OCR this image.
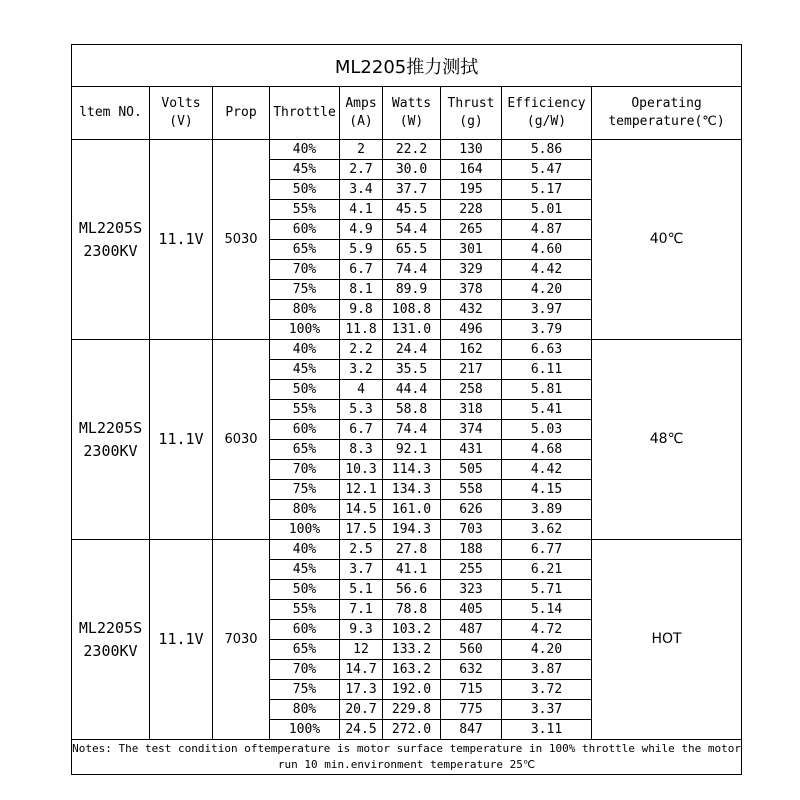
ML2205推力测拭								
ltem NO.	Volts (V)	Prop	Throttle	Amps (A)	Watts (W)	Thrust (g)	Efficiency (g/W)	Operating temperature(℃)
ML2205S 2300KV	11.1V	5030	40%	2	22.2	130	5.86	40℃
			45%	2.7	30.0	164	5.47	
			50%	3.4	37.7	195	5.17	
			55%	4.1	45.5	228	5.01	
			60%	4.9	54.4	265	4.87	
			65%	5.9	65.5	301	4.60	
			70%	6.7	74.4	329	4.42	
			75%	8.1	89.9	378	4.20	
			80%	9.8	108.8	432	3.97	
			100%	11.8	131.0	496	3.79	
ML2205S 2300KV	11.1V	6030	40%	2.2	24.4	162	6.63	48℃
			45%	3.2	35.5	217	6.11	
			50%	4	44.4	258	5.81	
			55%	5.3	58.8	318	5.41	
			60%	6.7	74.4	374	5.03	
			65%	8.3	92.1	431	4.68	
			70%	10.3	114.3	505	4.42	
			75%	12.1	134.3	558	4.15	
			80%	14.5	161.0	626	3.89	
			100%	17.5	194.3	703	3.62	
ML2205S 2300KV	11.1V	7030	40%	2.5	27.8	188	6.77	HOT
			45%	3.7	41.1	255	6.21	
			50%	5.1	56.6	323	5.71	
			55%	7.1	78.8	405	5.14	
			60%	9.3	103.2	487	4.72	
			65%	12	133.2	560	4.20	
			70%	14.7	163.2	632	3.87	
			75%	17.3	192.0	715	3.72	
			80%	20.7	229.8	775	3.37	
			100%	24.5	272.0	847	3.11	
Notes: The test condition oftemperature is motor surface temperature in 100% throttle while the motor run 10 min.environment temperature 25℃								
